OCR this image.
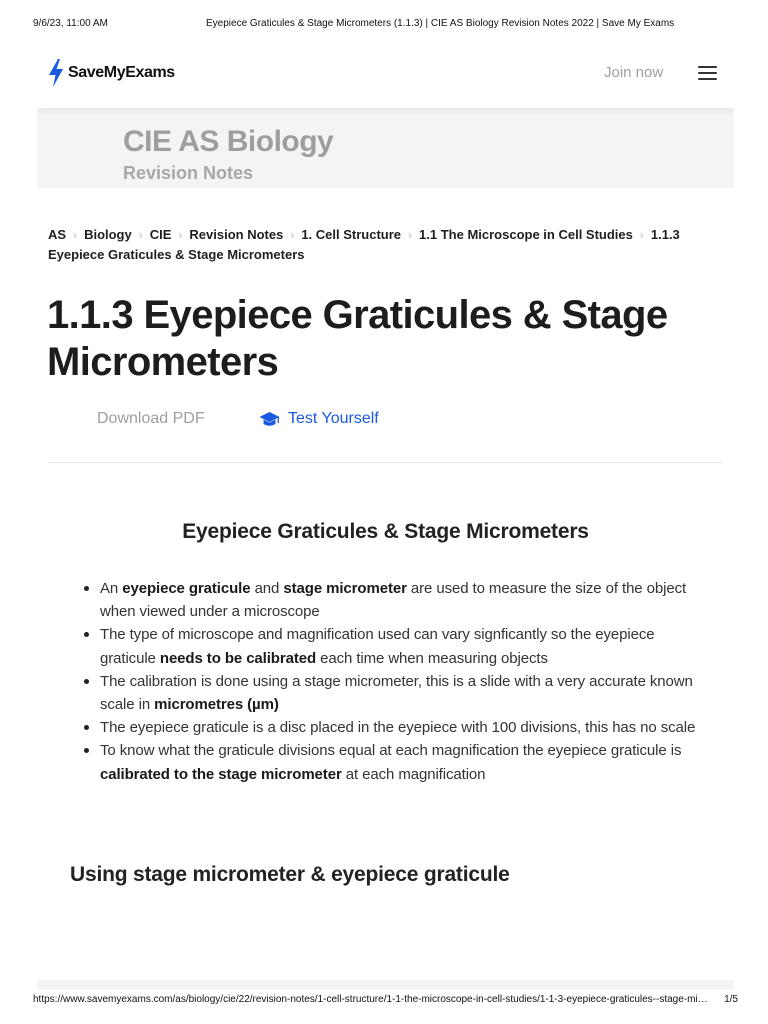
9/6/23, 11:00 AM	Eyepiece Graticules & Stage Micrometers (1.1.3) | CIE AS Biology Revision Notes 2022 | Save My Exams
SaveMyExams	Join now
CIE AS Biology
Revision Notes
AS › Biology › CIE › Revision Notes › 1. Cell Structure › 1.1 The Microscope in Cell Studies › 1.1.3 Eyepiece Graticules & Stage Micrometers
1.1.3 Eyepiece Graticules & Stage Micrometers
Download PDF	Test Yourself
Eyepiece Graticules & Stage Micrometers
An eyepiece graticule and stage micrometer are used to measure the size of the object when viewed under a microscope
The type of microscope and magnification used can vary signficantly so the eyepiece graticule needs to be calibrated each time when measuring objects
The calibration is done using a stage micrometer, this is a slide with a very accurate known scale in micrometres (µm)
The eyepiece graticule is a disc placed in the eyepiece with 100 divisions, this has no scale
To know what the graticule divisions equal at each magnification the eyepiece graticule is calibrated to the stage micrometer at each magnification
Using stage micrometer & eyepiece graticule
https://www.savemyexams.com/as/biology/cie/22/revision-notes/1-cell-structure/1-1-the-microscope-in-cell-studies/1-1-3-eyepiece-graticules--stage-mi…	1/5
